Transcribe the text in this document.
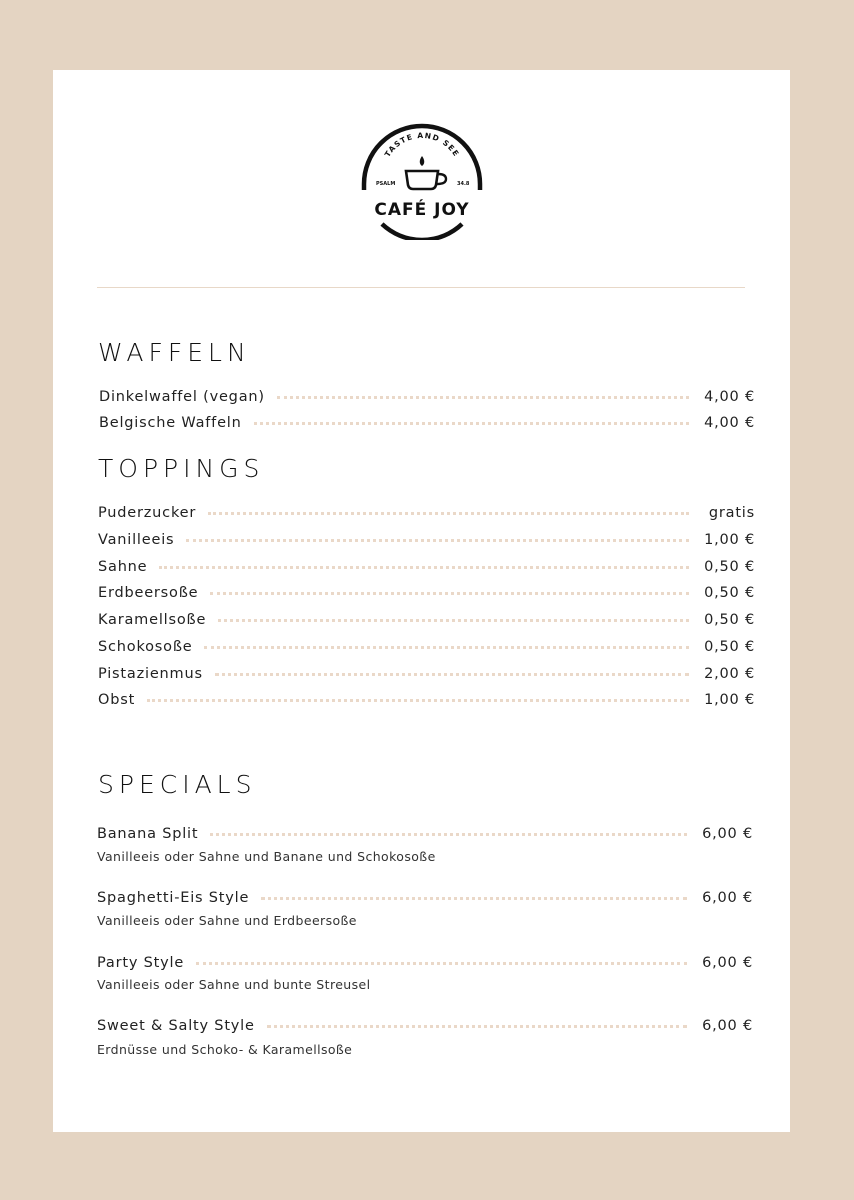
TASTE AND SEE
PSALM	34.8
CAFÉ JOY
WAFFELN
Dinkelwaffel (vegan)	4,00 €
Belgische Waffeln	4,00 €
TOPPINGS
Puderzucker	gratis
Vanilleeis	1,00 €
Sahne	0,50 €
Erdbeersoße	0,50 €
Karamellsoße	0,50 €
Schokosoße	0,50 €
Pistazienmus	2,00 €
Obst	1,00 €
SPECIALS
Banana Split	6,00 €
Vanilleeis oder Sahne und Banane und Schokosoße
Spaghetti-Eis Style	6,00 €
Vanilleeis oder Sahne und Erdbeersoße
Party Style	6,00 €
Vanilleeis oder Sahne und bunte Streusel
Sweet & Salty Style	6,00 €
Erdnüsse und Schoko- & Karamellsoße
